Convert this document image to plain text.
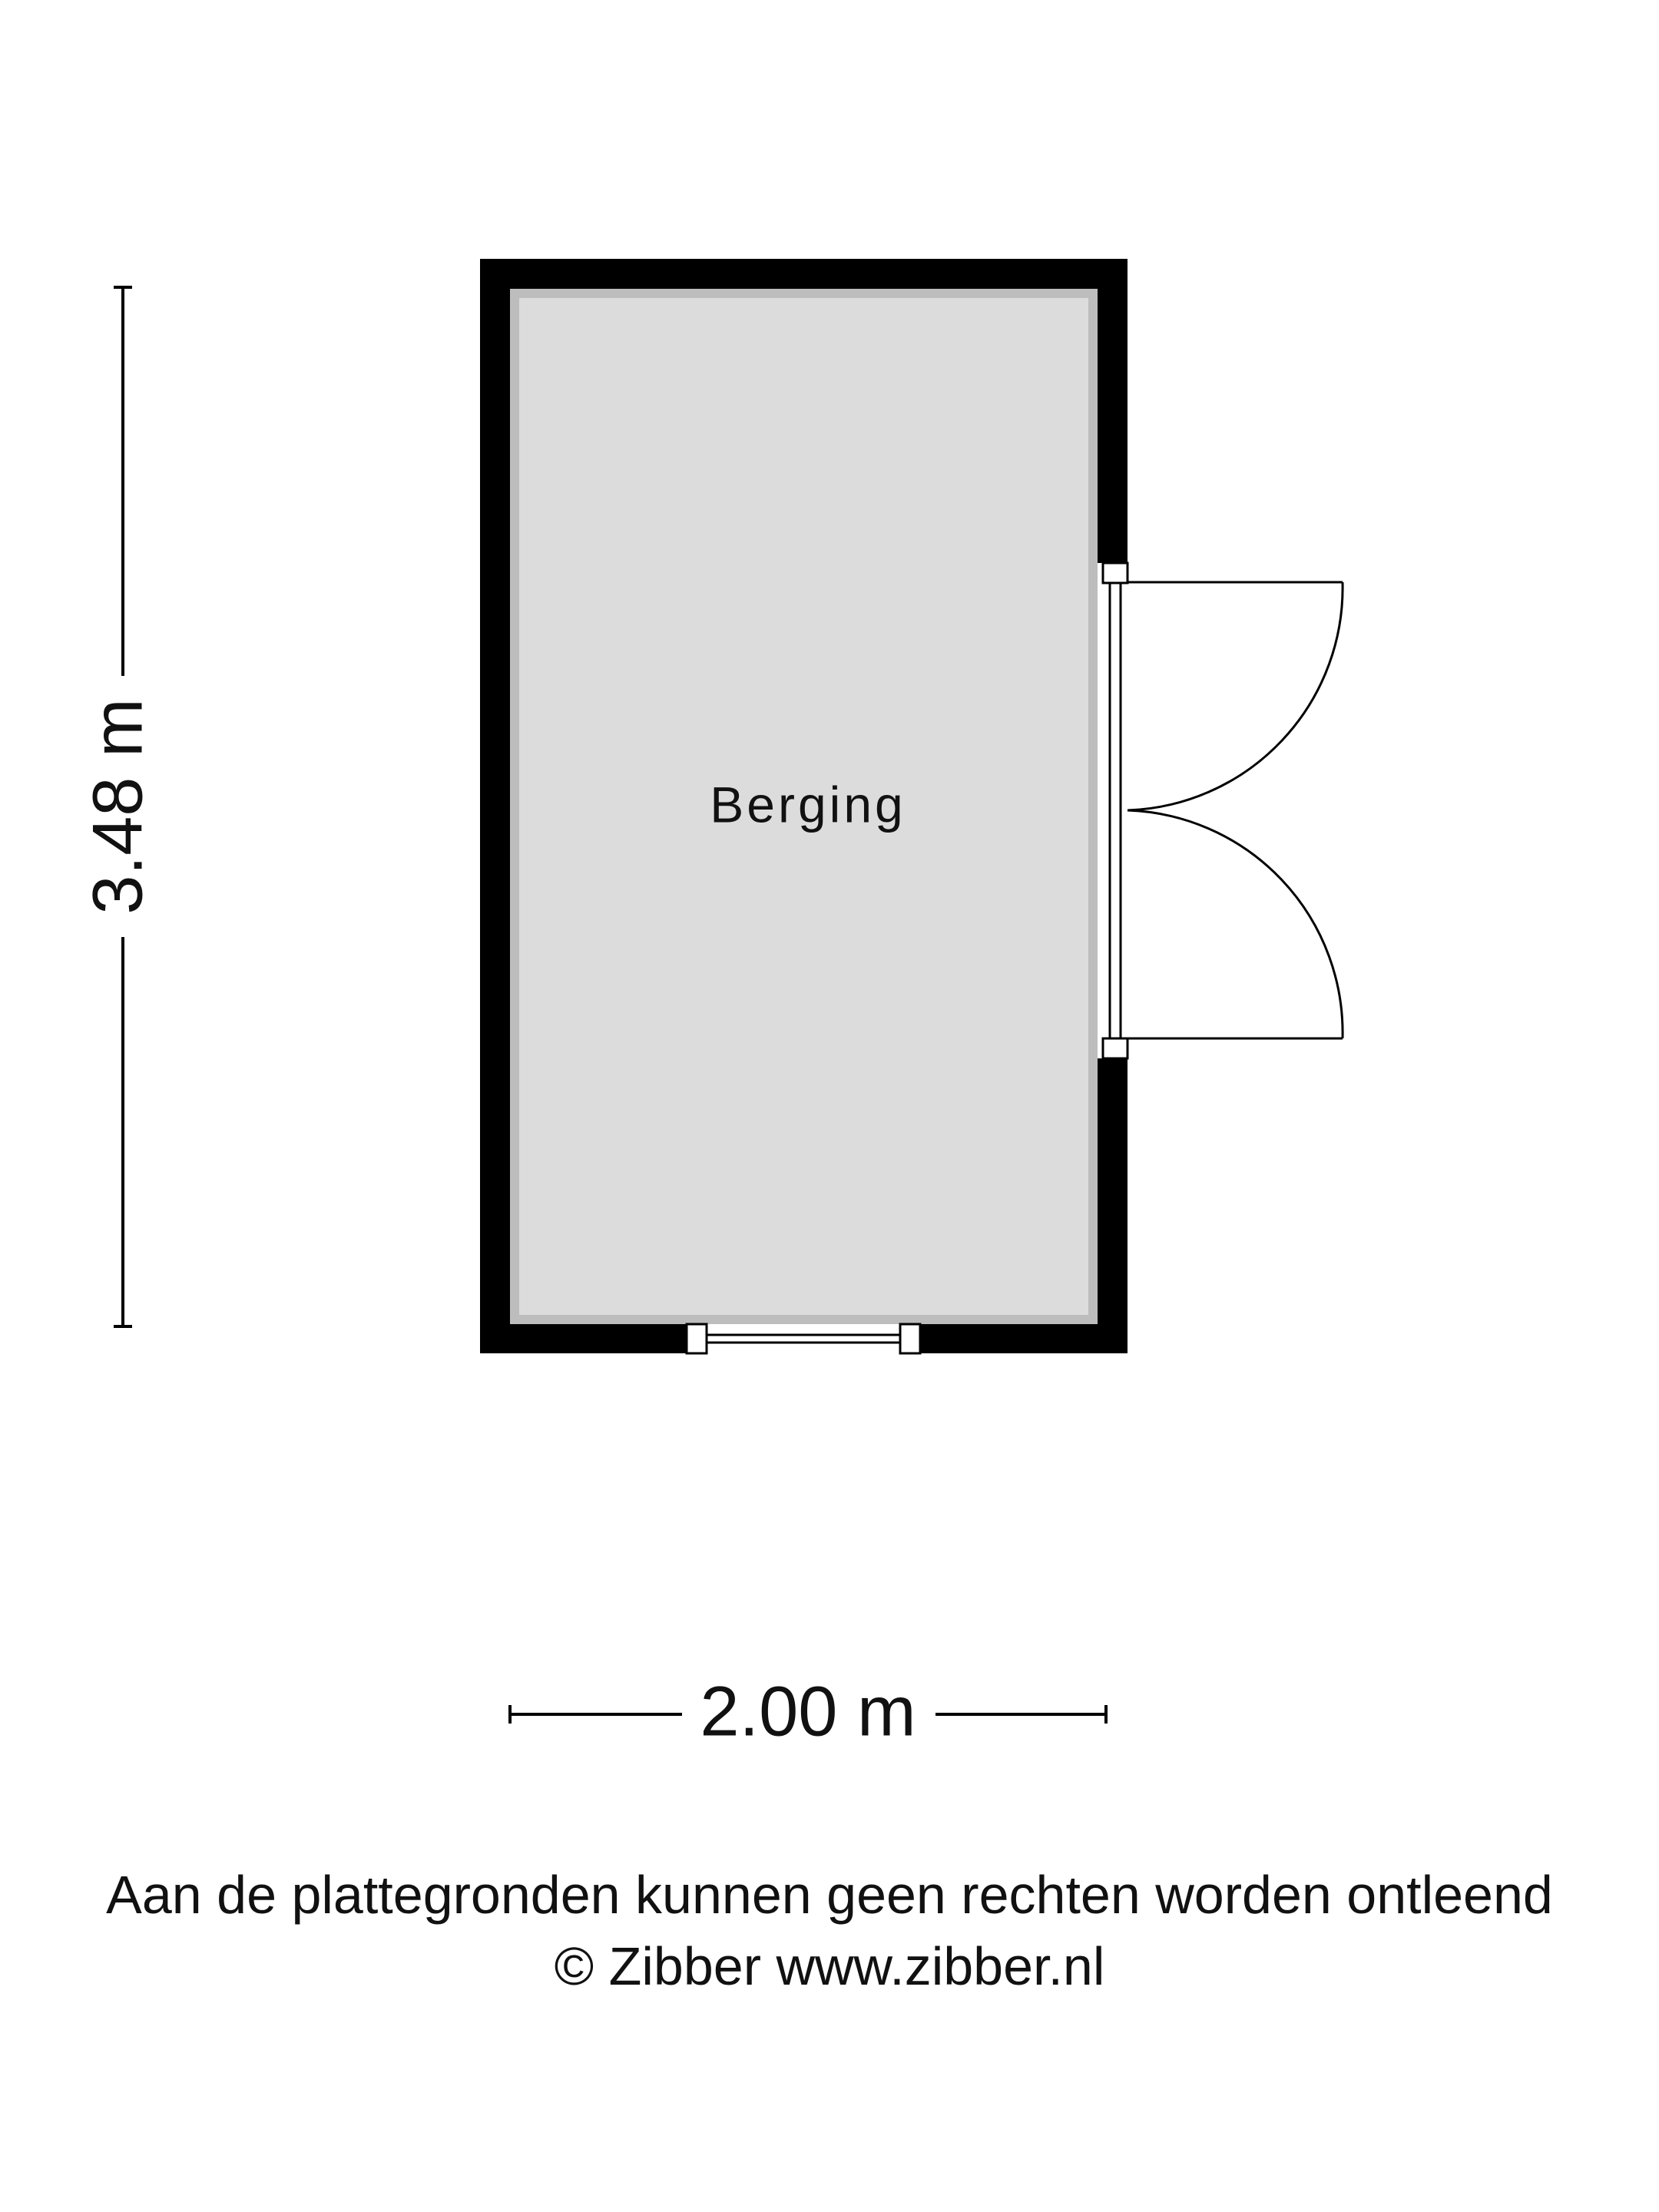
Berging
3.48 m
2.00 m
Aan de plattegronden kunnen geen rechten worden ontleend
© Zibber www.zibber.nl
